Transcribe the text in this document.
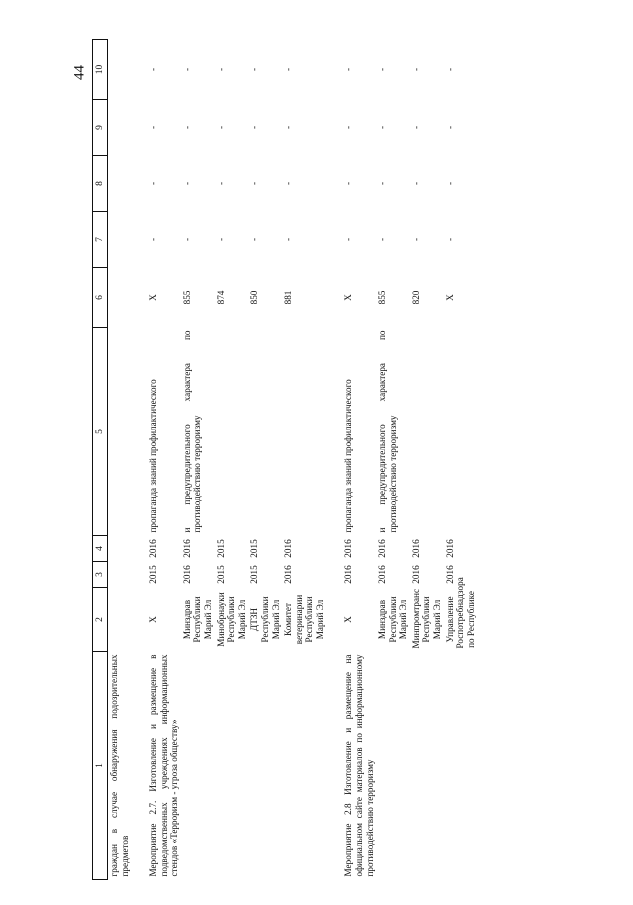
44
1	2	3	4	5	6	7	8	9	10
граждан в случае обнаружения подозрительных предметов									

Мероприятие 2.7. Изготовление и размещение в подведомственных учреждениях информационных стендов «Терроризм - угроза обществу»	X	2015	2016	пропаганда знаний профилактического	X	-	-	-	-
	Минздрав Республики Марий Эл	2016	2016	и предупредительного характера по противодействию терроризму	855	-	-	-	-
	Минобрнауки Республики Марий Эл	2015	2015		874	-	-	-	-
	ДТЗН Республики Марий Эл	2015	2015		850	-	-	-	-
	Комитет ветеринарии Республики Марий Эл	2016	2016		881	-	-	-	-

Мероприятие 2.8 Изготовление и размещение на официальном сайте материалов по информационному противодействию терроризму	X	2016	2016	пропаганда знаний профилактического	X	-	-	-	-
	Минздрав Республики Марий Эл	2016	2016	и предупредительного характера по противодействию терроризму	855	-	-	-	-
	Минпромтранс Республики Марий Эл	2016	2016		820	-	-	-	-
	Управление Роспотребнадзора по Республике	2016	2016		X	-	-	-	-
